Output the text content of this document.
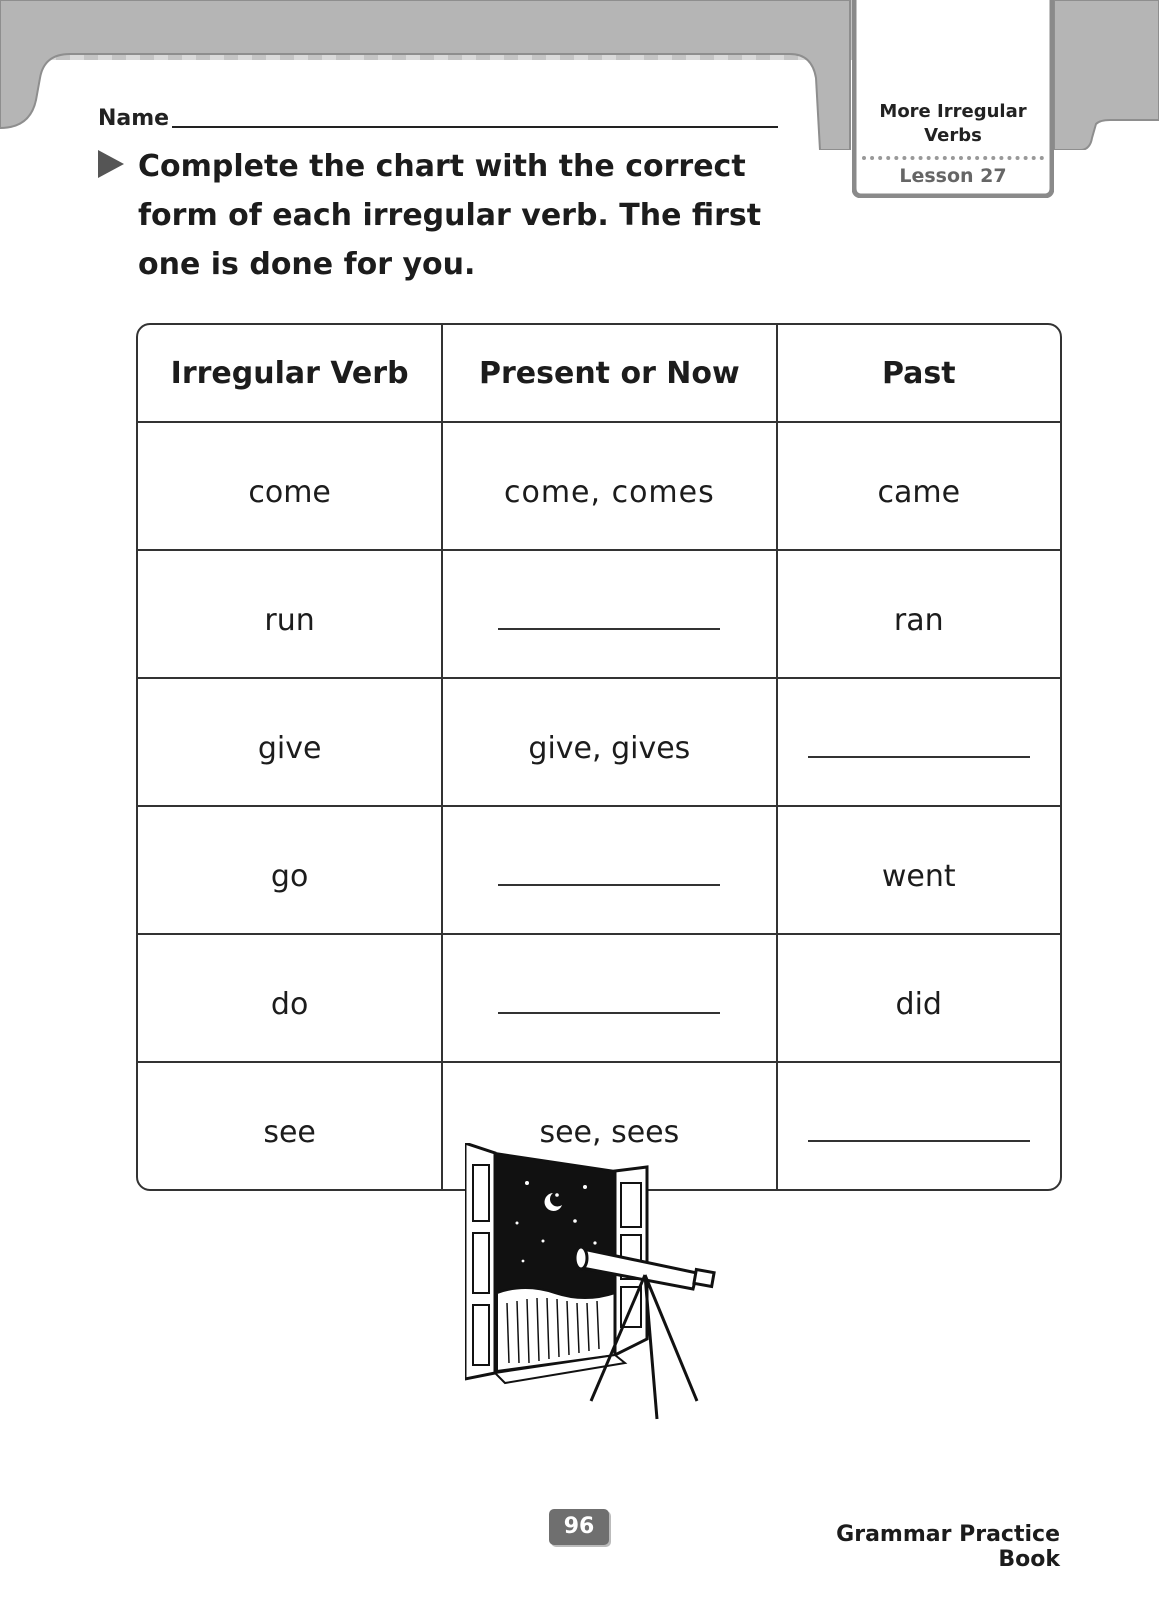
More Irregular Verbs
Lesson 27
Name
Complete the chart with the correct form of each irregular verb. The first one is done for you.
Irregular Verb	Present or Now	Past
come	come, comes	came
run		ran
give	give, gives	
go		went
do		did
see	see, sees	
96	Grammar Practice Book
